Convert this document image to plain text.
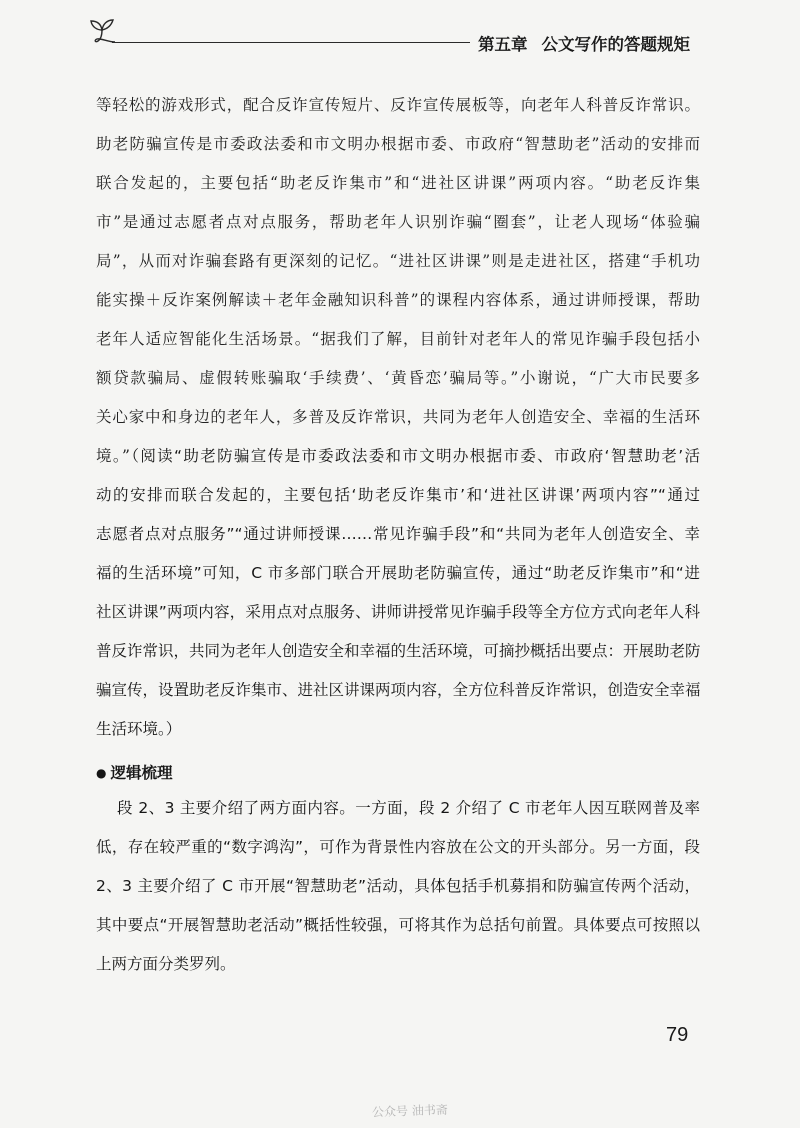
第五章 公文写作的答题规矩
等轻松的游戏形式，配合反诈宣传短片、反诈宣传展板等，向老年人科普反诈常识。
助老防骗宣传是市委政法委和市文明办根据市委、市政府“智慧助老”活动的安排而
联合发起的，主要包括“助老反诈集市”和“进社区讲课”两项内容。“助老反诈集
市”是通过志愿者点对点服务，帮助老年人识别诈骗“圈套”，让老人现场“体验骗
局”，从而对诈骗套路有更深刻的记忆。“进社区讲课”则是走进社区，搭建“手机功
能实操＋反诈案例解读＋老年金融知识科普”的课程内容体系，通过讲师授课，帮助
老年人适应智能化生活场景。“据我们了解，目前针对老年人的常见诈骗手段包括小
额贷款骗局、虚假转账骗取‘手续费’、‘黄昏恋’骗局等。”小谢说，“广大市民要多
关心家中和身边的老年人，多普及反诈常识，共同为老年人创造安全、幸福的生活环
境。”（阅读“助老防骗宣传是市委政法委和市文明办根据市委、市政府‘智慧助老’活
动的安排而联合发起的，主要包括‘助老反诈集市’和‘进社区讲课’两项内容”“通过
志愿者点对点服务”“通过讲师授课……常见诈骗手段”和“共同为老年人创造安全、幸
福的生活环境”可知，C 市多部门联合开展助老防骗宣传，通过“助老反诈集市”和“进
社区讲课”两项内容，采用点对点服务、讲师讲授常见诈骗手段等全方位方式向老年人科
普反诈常识，共同为老年人创造安全和幸福的生活环境，可摘抄概括出要点：开展助老防
骗宣传，设置助老反诈集市、进社区讲课两项内容，全方位科普反诈常识，创造安全幸福
生活环境。）
● 逻辑梳理
段 2、3 主要介绍了两方面内容。一方面，段 2 介绍了 C 市老年人因互联网普及率
低，存在较严重的“数字鸿沟”，可作为背景性内容放在公文的开头部分。另一方面，段
2、3 主要介绍了 C 市开展“智慧助老”活动，具体包括手机募捐和防骗宣传两个活动，
其中要点“开展智慧助老活动”概括性较强，可将其作为总括句前置。具体要点可按照以
上两方面分类罗列。
79
公众号 油书斋
